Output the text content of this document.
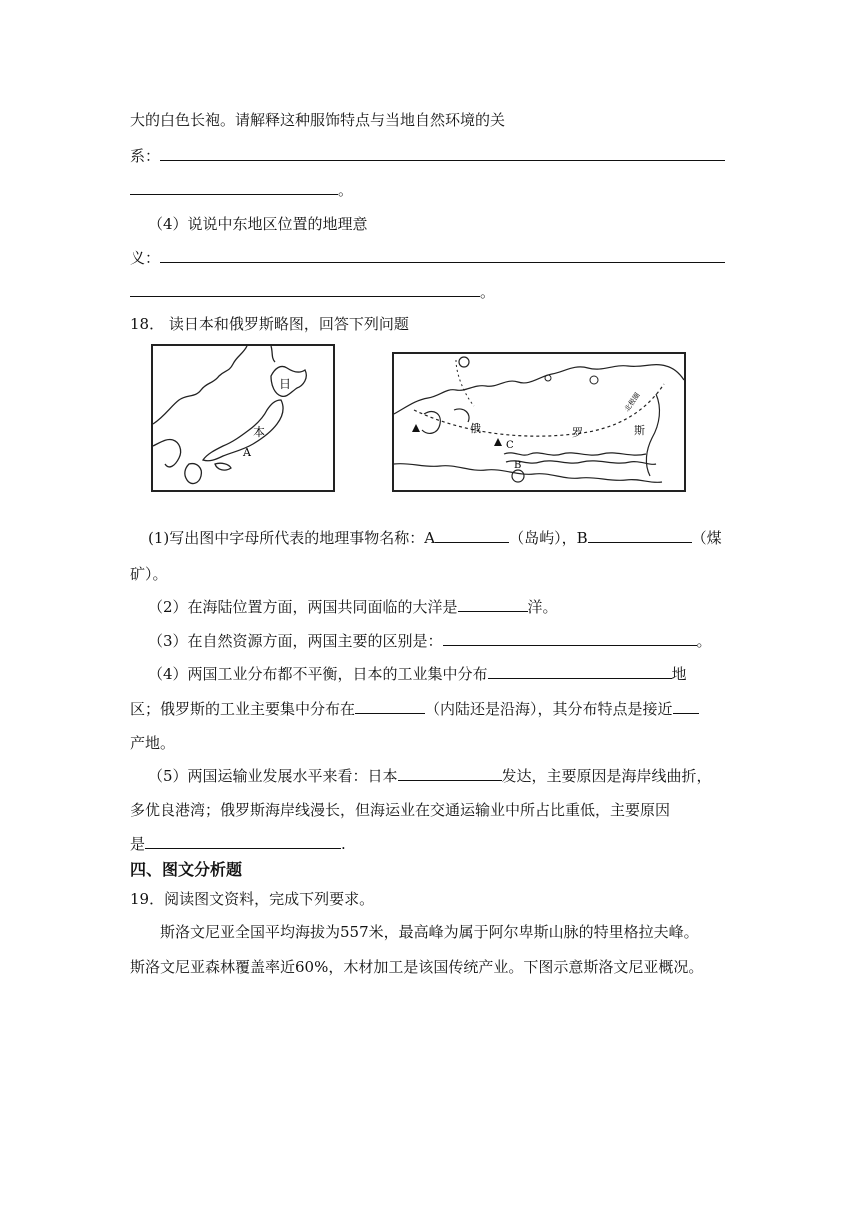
大的白色长袍。请解释这种服饰特点与当地自然环境的关
系：
。
（4）说说中东地区位置的地理意
义：
。
18． 读日本和俄罗斯略图，回答下列问题
日
本
A
俄	罗	斯
C
B
北极圈
(1)写出图中字母所代表的地理事物名称：A	（岛屿），B	（煤
矿）。
（2）在海陆位置方面，两国共同面临的大洋是	洋。
（3）在自然资源方面，两国主要的区别是：	。
（4）两国工业分布都不平衡，日本的工业集中分布	地
区；俄罗斯的工业主要集中分布在	（内陆还是沿海），其分布特点是接近
产地。
（5）两国运输业发展水平来看：日本	发达，主要原因是海岸线曲折，
多优良港湾；俄罗斯海岸线漫长，但海运业在交通运输业中所占比重低，主要原因
是	.
四、图文分析题
19．阅读图文资料，完成下列要求。
斯洛文尼亚全国平均海拔为557米，最高峰为属于阿尔卑斯山脉的特里格拉夫峰。
斯洛文尼亚森林覆盖率近60%，木材加工是该国传统产业。下图示意斯洛文尼亚概况。
